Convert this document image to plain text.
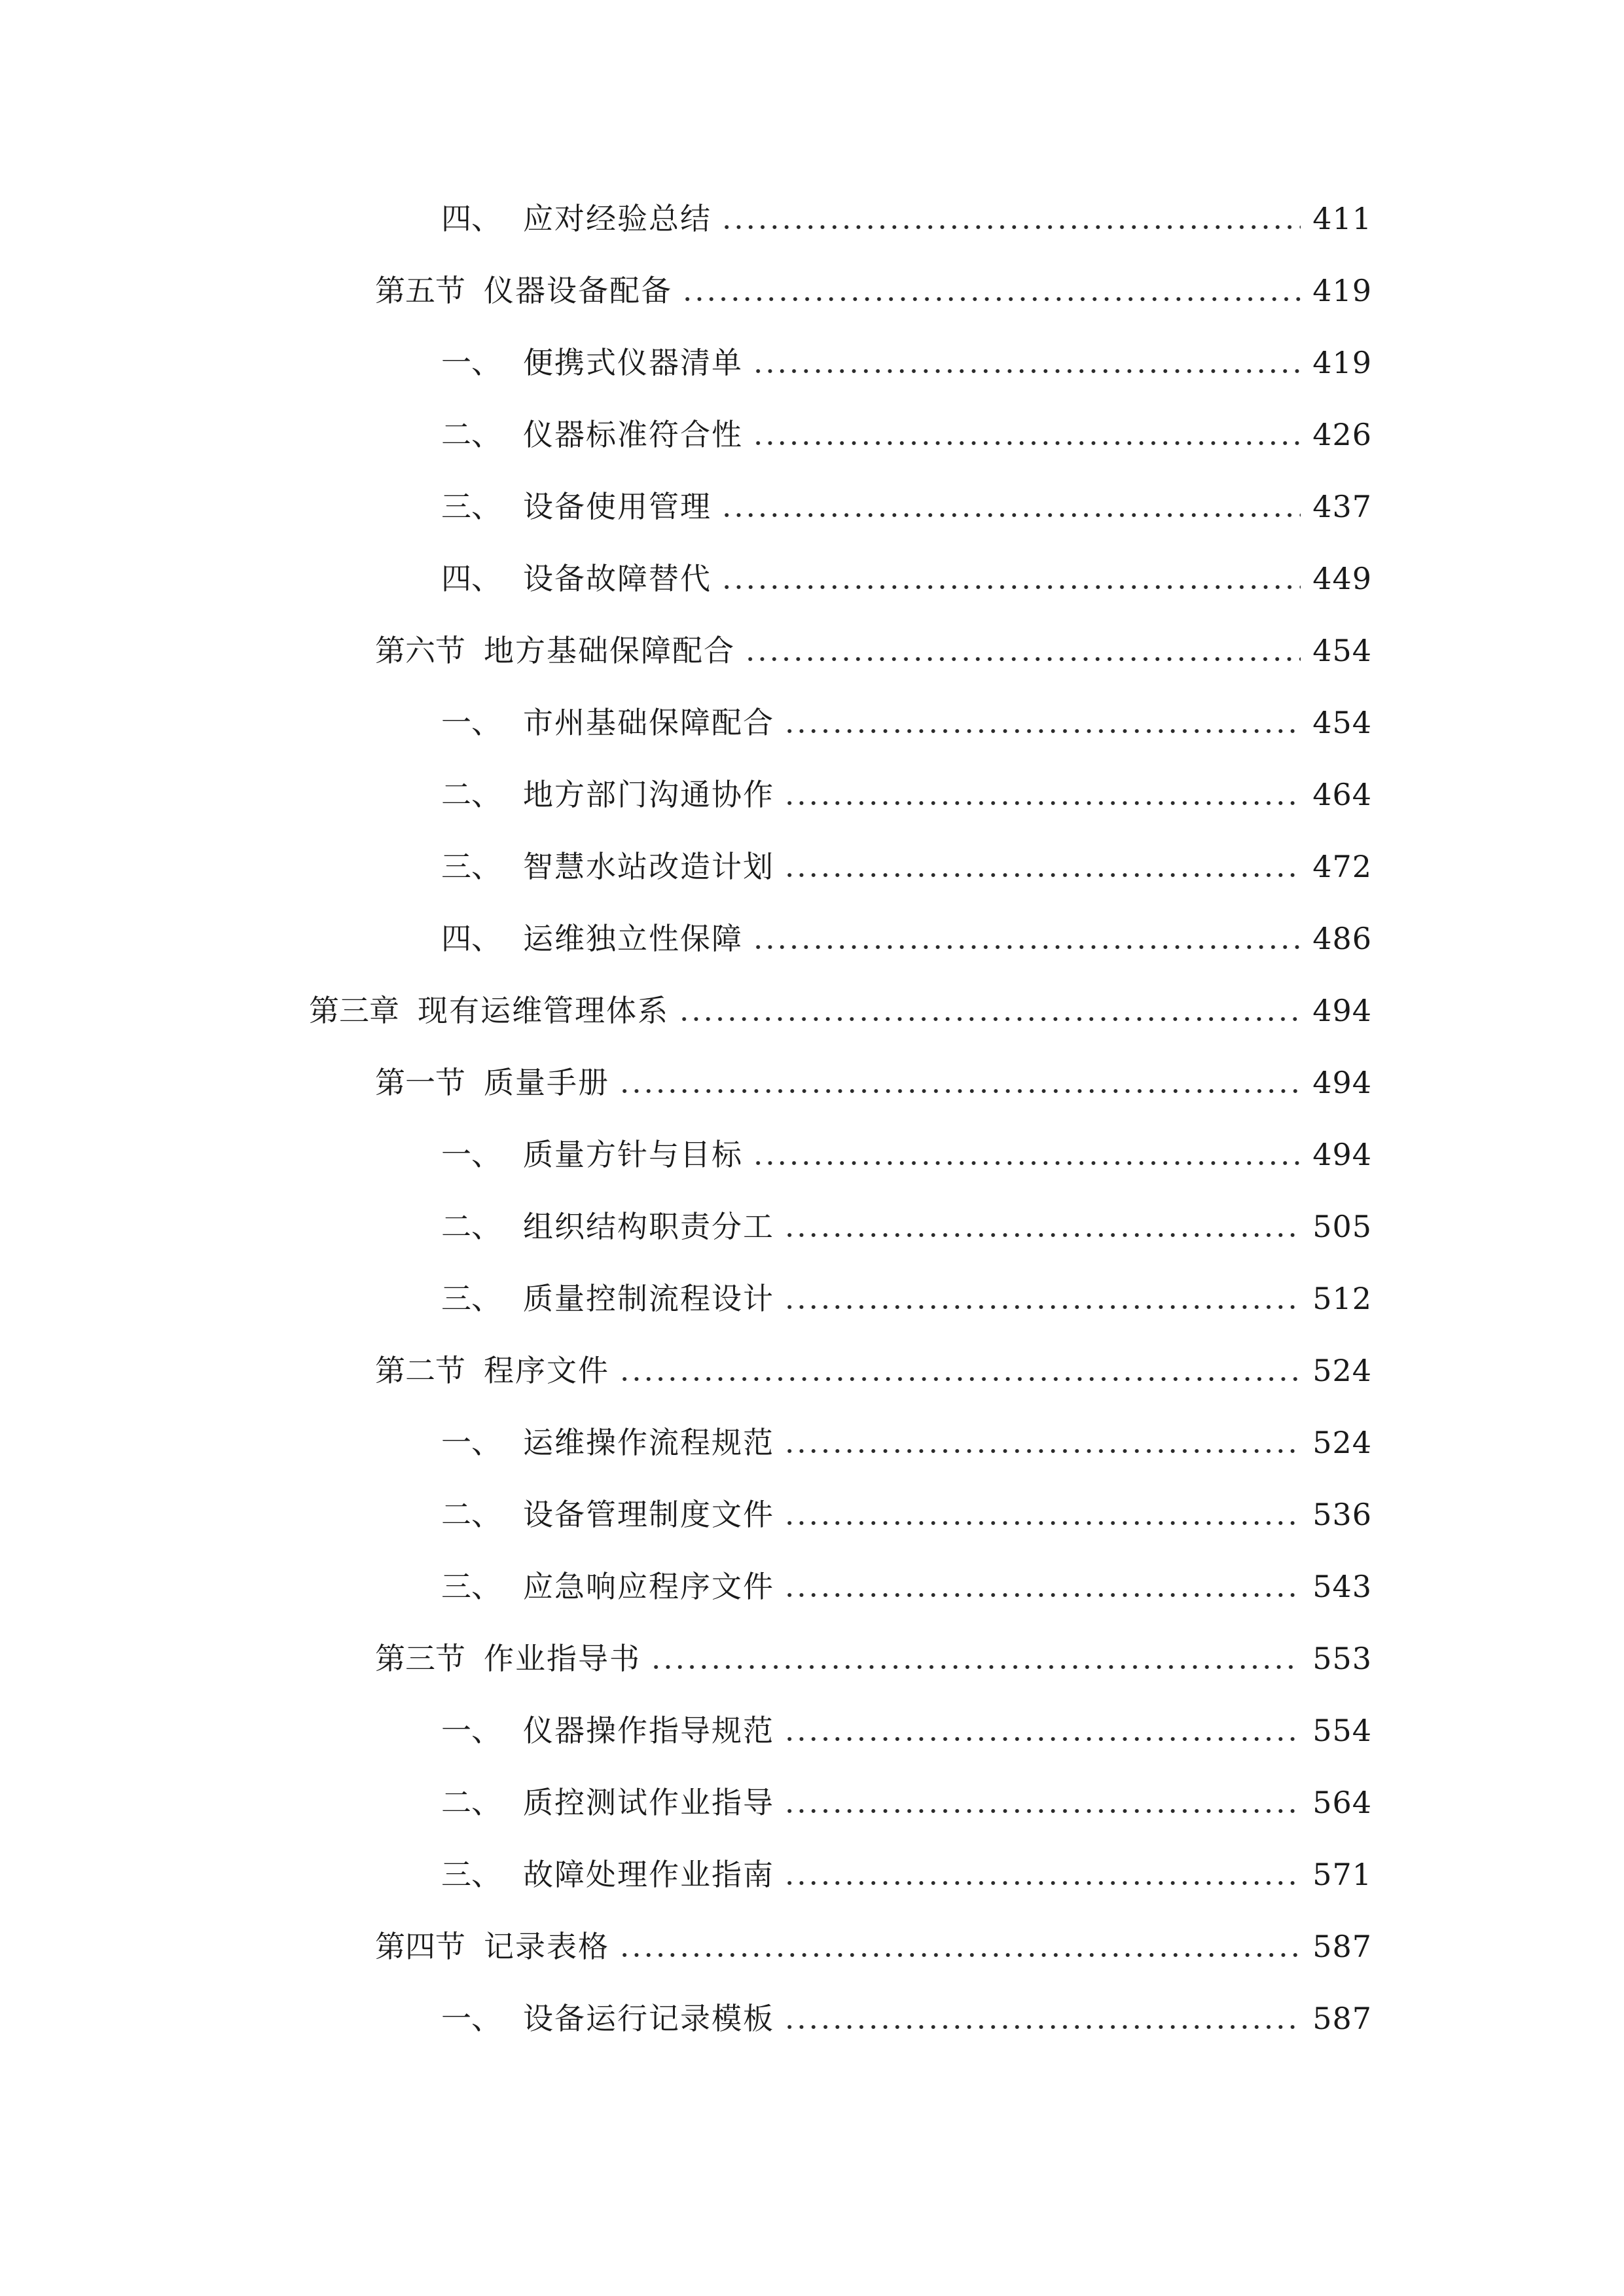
四、 应对经验总结	411
第五节 仪器设备配备	419
一、 便携式仪器清单	419
二、 仪器标准符合性	426
三、 设备使用管理	437
四、 设备故障替代	449
第六节 地方基础保障配合	454
一、 市州基础保障配合	454
二、 地方部门沟通协作	464
三、 智慧水站改造计划	472
四、 运维独立性保障	486
第三章 现有运维管理体系	494
第一节 质量手册	494
一、 质量方针与目标	494
二、 组织结构职责分工	505
三、 质量控制流程设计	512
第二节 程序文件	524
一、 运维操作流程规范	524
二、 设备管理制度文件	536
三、 应急响应程序文件	543
第三节 作业指导书	553
一、 仪器操作指导规范	554
二、 质控测试作业指导	564
三、 故障处理作业指南	571
第四节 记录表格	587
一、 设备运行记录模板	587
